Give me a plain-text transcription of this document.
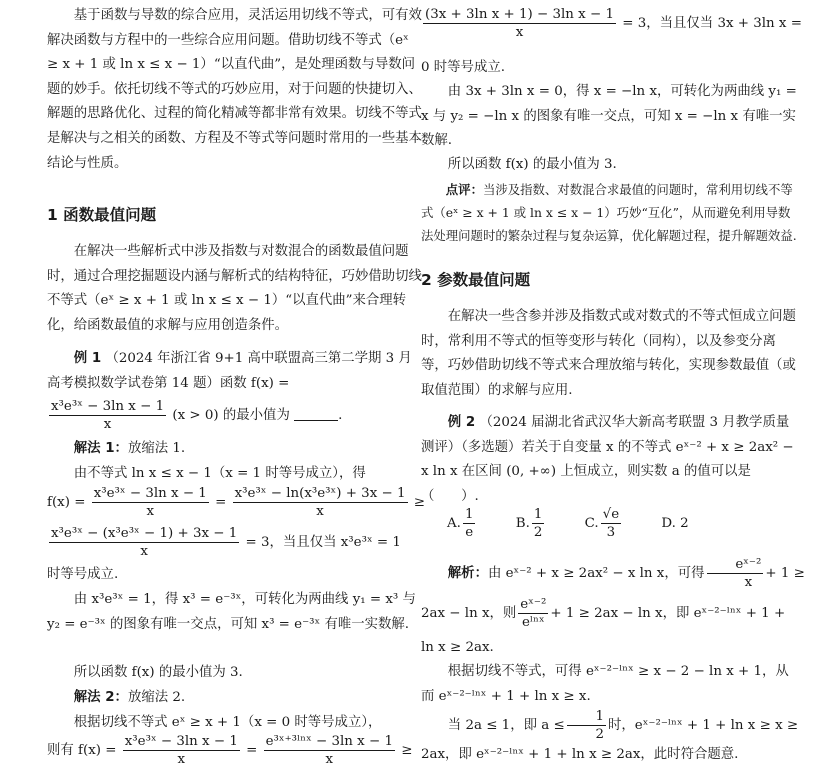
基于函数与导数的综合应用，灵活运用切线不等式，可有效解决函数与方程中的一些综合应用问题。借助切线不等式（eˣ ≥ x + 1 或 ln x ≤ x − 1）“以直代曲”，是处理函数与导数问题的妙手。依托切线不等式的巧妙应用，对于问题的快捷切入、解题的思路优化、过程的简化精减等都非常有效果。切线不等式是解决与之相关的函数、方程及不等式等问题时常用的一些基本结论与性质。

1 函数最值问题

在解决一些解析式中涉及指数与对数混合的函数最值问题时，通过合理挖掘题设内涵与解析式的结构特征，巧妙借助切线不等式（eˣ ≥ x + 1 或 ln x ≤ x − 1）“以直代曲”来合理转化，给函数最值的求解与应用创造条件。

例 1 （2024 年浙江省 9+1 高中联盟高三第二学期 3 月高考模拟数学试卷第 14 题）函数 f(x) =

$\frac{\text{x³e³ˣ − 3ln x − 1}}{x} (x > 0)$ 的最小值为	.

解法 1：放缩法 1.

由不等式 ln x ≤ x − 1（x = 1 时等号成立），得

$f(x) = \frac{\text{x³e³ˣ − 3ln x − 1}}{x} = \frac{\text{x³e³ˣ − ln(x³e³ˣ) + 3x − 1}}{x}$ ≥

$\frac{\text{x³e³ˣ − (x³e³ˣ − 1) + 3x − 1}}{x} = 3$，当且仅当 x³e³ˣ = 1

时等号成立.

由 x³e³ˣ = 1，得 x³ = e⁻³ˣ，可转化为两曲线 y₁ = x³ 与 y₂ = e⁻³ˣ 的图象有唯一交点，可知 x³ = e⁻³ˣ 有唯一实数解.

所以函数 f(x) 的最小值为 3.

解法 2：放缩法 2.

根据切线不等式 eˣ ≥ x + 1（x = 0 时等号成立），

则有 $f(x) = \frac{\text{x³e³ˣ − 3ln x − 1}}{x} = \frac{\text{e³ˣ⁺³ˡⁿˣ − 3ln x − 1}}{x}$ ≥

$\frac{\text{(3x + 3ln x + 1) − 3ln x − 1}}{x} = 3$，当且仅当 3x + 3ln x =

0 时等号成立.

由 3x + 3ln x = 0，得 x = −ln x，可转化为两曲线 y₁ = x 与 y₂ = −ln x 的图象有唯一交点，可知 x = −ln x 有唯一实数解.

所以函数 f(x) 的最小值为 3.

点评：当涉及指数、对数混合求最值的问题时，常利用切线不等式（eˣ ≥ x + 1 或 ln x ≤ x − 1）巧妙“互化”，从而避免利用导数法处理问题时的繁杂过程与复杂运算，优化解题过程，提升解题效益.

2 参数最值问题

在解决一些含参并涉及指数式或对数式的不等式恒成立问题时，常利用不等式的恒等变形与转化（同构），以及参变分离等，巧妙借助切线不等式来合理放缩与转化，实现参数最值（或取值范围）的求解与应用.

例 2 （2024 届湖北省武汉华大新高考联盟 3 月教学质量测评）（多选题）若关于自变量 x 的不等式 eˣ⁻² + x ≥ 2ax² − x ln x 在区间 (0, +∞) 上恒成立，则实数 a 的值可以是（　　）.

A. $\frac{1}{e}$	B. $\frac{1}{2}$	C. $\frac{√e}{3}$	D. 2

解析：由 eˣ⁻² + x ≥ 2ax² − x ln x，可得 $\frac{\text{eˣ⁻²}}{x} + 1$ ≥

2ax − ln x，则 $\frac{\text{eˣ⁻²}}{\text{eˡⁿˣ}} + 1 \ge 2ax - \ln x$，即 eˣ⁻²⁻ˡⁿˣ + 1 +

ln x ≥ 2ax.

根据切线不等式，可得 eˣ⁻²⁻ˡⁿˣ ≥ x − 2 − ln x + 1，从而 eˣ⁻²⁻ˡⁿˣ + 1 + ln x ≥ x.

当 2a ≤ 1，即 $a \le \frac{1}{2}$ 时，eˣ⁻²⁻ˡⁿˣ + 1 + ln x ≥ x ≥

2ax，即 eˣ⁻²⁻ˡⁿˣ + 1 + ln x ≥ 2ax，此时符合题意.
